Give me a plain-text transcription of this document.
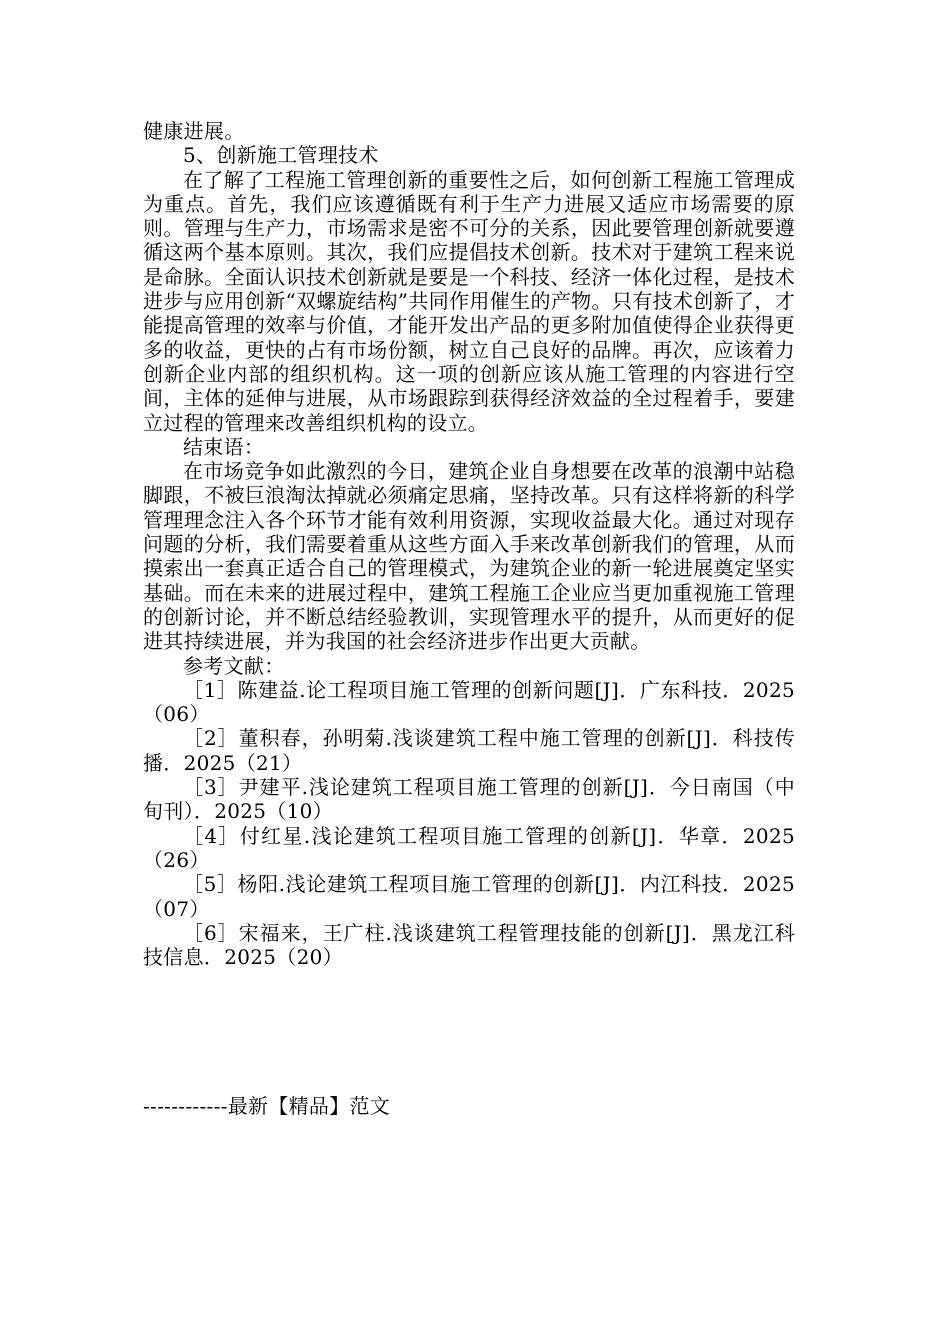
健康进展。

5、创新施工管理技术

在了解了工程施工管理创新的重要性之后，如何创新工程施工管理成为重点。首先，我们应该遵循既有利于生产力进展又适应市场需要的原则。管理与生产力，市场需求是密不可分的关系，因此要管理创新就要遵循这两个基本原则。其次，我们应提倡技术创新。技术对于建筑工程来说是命脉。全面认识技术创新就是要是一个科技、经济一体化过程，是技术进步与应用创新“双螺旋结构”共同作用催生的产物。只有技术创新了，才能提高管理的效率与价值，才能开发出产品的更多附加值使得企业获得更多的收益，更快的占有市场份额，树立自己良好的品牌。再次，应该着力创新企业内部的组织机构。这一项的创新应该从施工管理的内容进行空间，主体的延伸与进展，从市场跟踪到获得经济效益的全过程着手，要建立过程的管理来改善组织机构的设立。

结束语：

在市场竞争如此激烈的今日，建筑企业自身想要在改革的浪潮中站稳脚跟，不被巨浪淘汰掉就必须痛定思痛，坚持改革。只有这样将新的科学管理理念注入各个环节才能有效利用资源，实现收益最大化。通过对现存问题的分析，我们需要着重从这些方面入手来改革创新我们的管理，从而摸索出一套真正适合自己的管理模式，为建筑企业的新一轮进展奠定坚实基础。而在未来的进展过程中，建筑工程施工企业应当更加重视施工管理的创新讨论，并不断总结经验教训，实现管理水平的提升，从而更好的促进其持续进展，并为我国的社会经济进步作出更大贡献。

参考文献：

［1］陈建益.论工程项目施工管理的创新问题[J]．广东科技．2025（06）

［2］董积春，孙明菊.浅谈建筑工程中施工管理的创新[J]．科技传播．2025（21）

［3］尹建平.浅论建筑工程项目施工管理的创新[J]．今日南国（中旬刊）．2025（10）

［4］付红星.浅论建筑工程项目施工管理的创新[J]．华章．2025（26）

［5］杨阳.浅论建筑工程项目施工管理的创新[J]．内江科技．2025（07）

［6］宋福来，王广柱.浅谈建筑工程管理技能的创新[J]．黑龙江科技信息．2025（20）

------------最新【精品】范文
